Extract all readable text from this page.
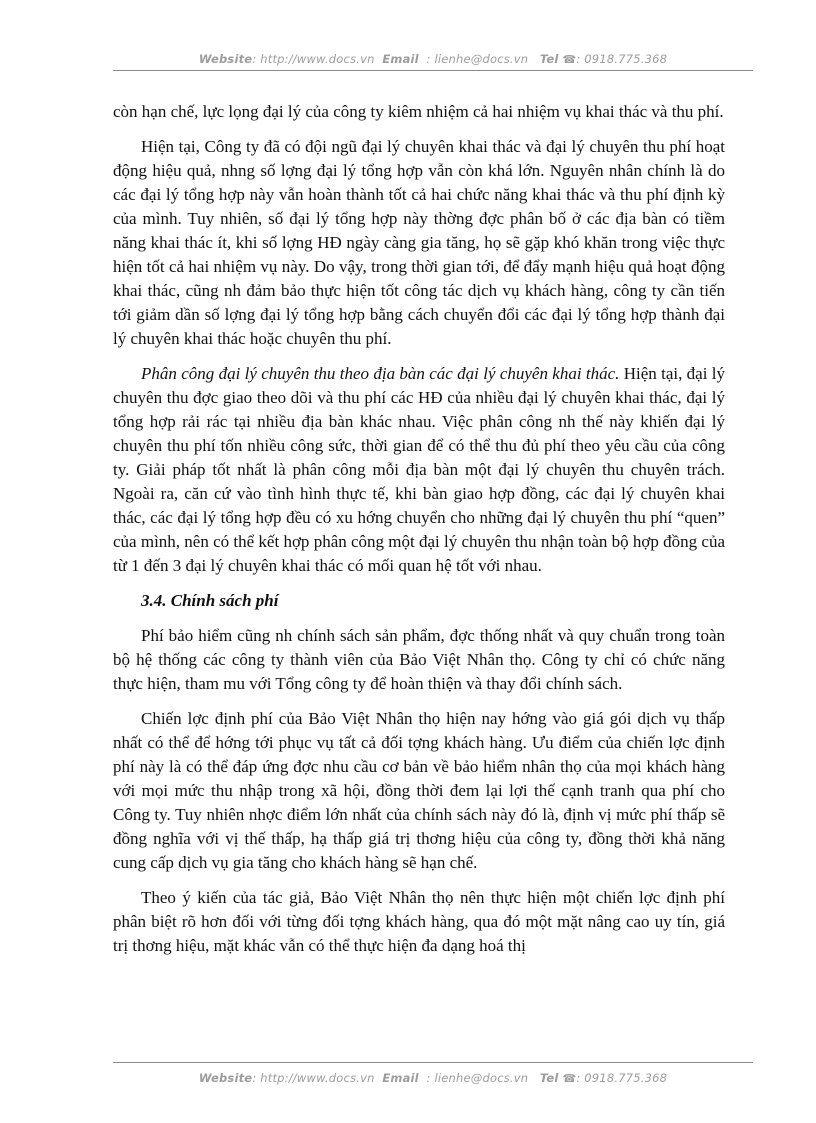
Website: http://www.docs.vn Email : lienhe@docs.vn Tel ☎: 0918.775.368

còn hạn chế, lực lọng đại lý của công ty kiêm nhiệm cả hai nhiệm vụ khai thác và thu phí.

Hiện tại, Công ty đã có đội ngũ đại lý chuyên khai thác và đại lý chuyên thu phí hoạt động hiệu quả, nhng số lợng đại lý tổng hợp vẫn còn khá lớn. Nguyên nhân chính là do các đại lý tổng hợp này vẫn hoàn thành tốt cả hai chức năng khai thác và thu phí định kỳ của mình. Tuy nhiên, số đại lý tổng hợp này thờng đợc phân bố ở các địa bàn có tiềm năng khai thác ít, khi số lợng HĐ ngày càng gia tăng, họ sẽ gặp khó khăn trong việc thực hiện tốt cả hai nhiệm vụ này. Do vậy, trong thời gian tới, để đẩy mạnh hiệu quả hoạt động khai thác, cũng nh đảm bảo thực hiện tốt công tác dịch vụ khách hàng, công ty cần tiến tới giảm dần số lợng đại lý tổng hợp bằng cách chuyển đổi các đại lý tổng hợp thành đại lý chuyên khai thác hoặc chuyên thu phí.

Phân công đại lý chuyên thu theo địa bàn các đại lý chuyên khai thác. Hiện tại, đại lý chuyên thu đợc giao theo dõi và thu phí các HĐ của nhiều đại lý chuyên khai thác, đại lý tổng hợp rải rác tại nhiều địa bàn khác nhau. Việc phân công nh thế này khiến đại lý chuyên thu phí tốn nhiều công sức, thời gian để có thể thu đủ phí theo yêu cầu của công ty. Giải pháp tốt nhất là phân công mỗi địa bàn một đại lý chuyên thu chuyên trách. Ngoài ra, căn cứ vào tình hình thực tế, khi bàn giao hợp đồng, các đại lý chuyên khai thác, các đại lý tổng hợp đều có xu hớng chuyển cho những đại lý chuyên thu phí “quen” của mình, nên có thể kết hợp phân công một đại lý chuyên thu nhận toàn bộ hợp đồng của từ 1 đến 3 đại lý chuyên khai thác có mối quan hệ tốt với nhau.

3.4. Chính sách phí

Phí bảo hiểm cũng nh chính sách sản phẩm, đợc thống nhất và quy chuẩn trong toàn bộ hệ thống các công ty thành viên của Bảo Việt Nhân thọ. Công ty chỉ có chức năng thực hiện, tham mu với Tổng công ty để hoàn thiện và thay đổi chính sách.

Chiến lợc định phí của Bảo Việt Nhân thọ hiện nay hớng vào giá gói dịch vụ thấp nhất có thể để hớng tới phục vụ tất cả đối tợng khách hàng. Ưu điểm của chiến lợc định phí này là có thể đáp ứng đợc nhu cầu cơ bản về bảo hiểm nhân thọ của mọi khách hàng với mọi mức thu nhập trong xã hội, đồng thời đem lại lợi thế cạnh tranh qua phí cho Công ty. Tuy nhiên nhợc điểm lớn nhất của chính sách này đó là, định vị mức phí thấp sẽ đồng nghĩa với vị thế thấp, hạ thấp giá trị thơng hiệu của công ty, đồng thời khả năng cung cấp dịch vụ gia tăng cho khách hàng sẽ hạn chế.

Theo ý kiến của tác giả, Bảo Việt Nhân thọ nên thực hiện một chiến lợc định phí phân biệt rõ hơn đối với từng đối tợng khách hàng, qua đó một mặt nâng cao uy tín, giá trị thơng hiệu, mặt khác vẫn có thể thực hiện đa dạng hoá thị

Website: http://www.docs.vn Email : lienhe@docs.vn Tel ☎: 0918.775.368
